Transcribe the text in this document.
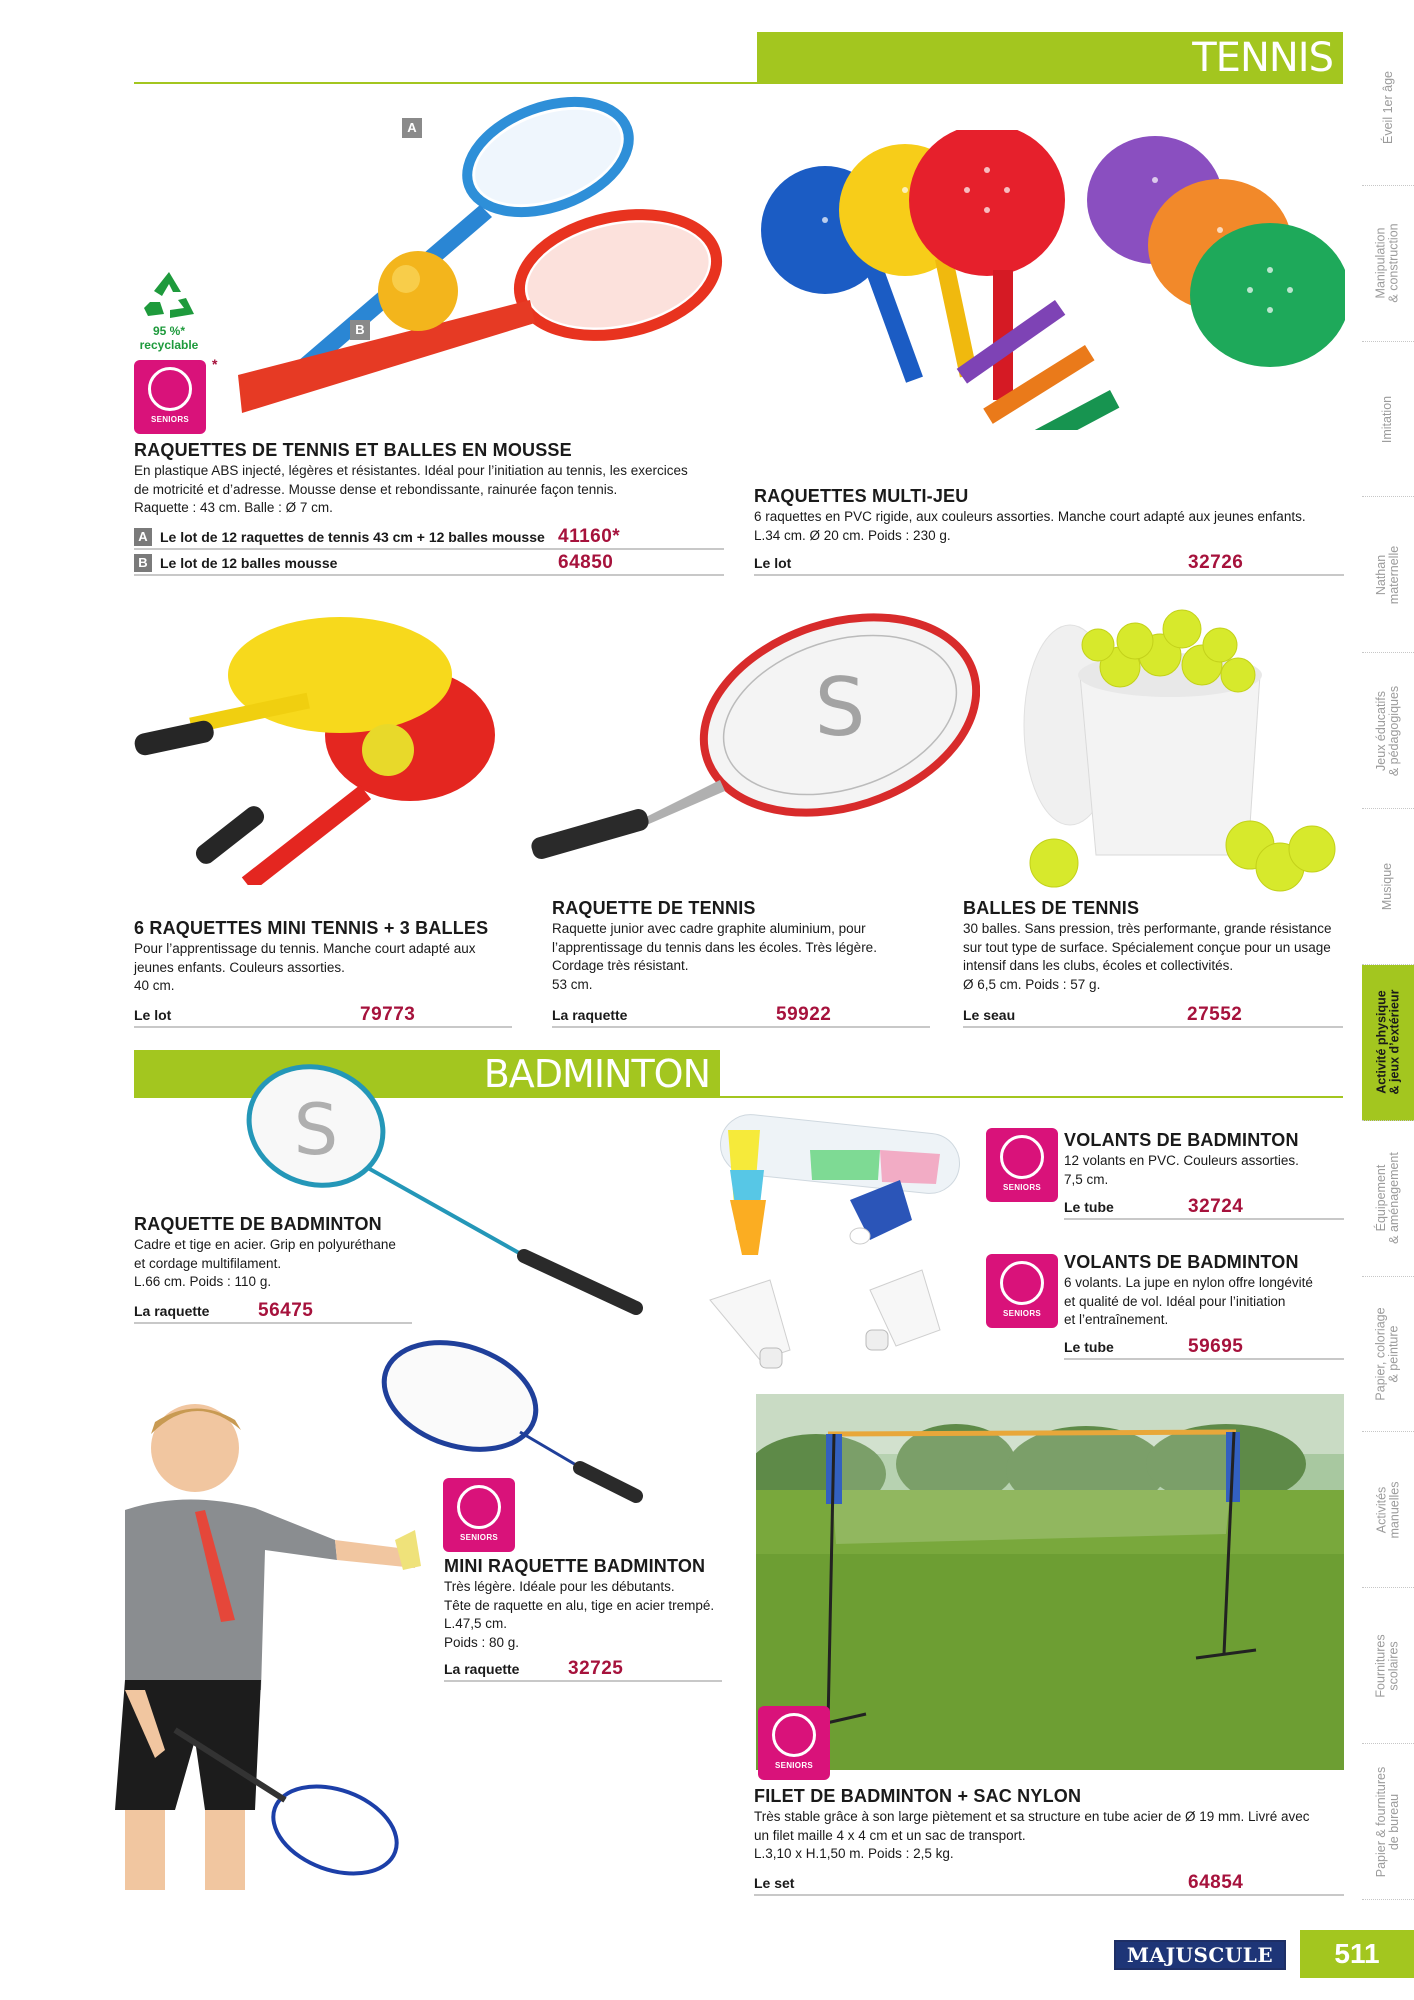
TENNIS
A
B
95 %*
recyclable
SENIORS
*
RAQUETTES DE TENNIS ET BALLES EN MOUSSE
En plastique ABS injecté, légères et résistantes. Idéal pour l’initiation au tennis, les exercices
de motricité et d’adresse. Mousse dense et rebondissante, rainurée façon tennis.
Raquette : 43 cm. Balle : Ø 7 cm.
A Le lot de 12 raquettes de tennis 43 cm + 12 balles mousse 41160*
B Le lot de 12 balles mousse	64850
RAQUETTES MULTI-JEU
6 raquettes en PVC rigide, aux couleurs assorties. Manche court adapté aux jeunes enfants.
L.34 cm. Ø 20 cm. Poids : 230 g.
Le lot	32726
6 RAQUETTES MINI TENNIS + 3 BALLES
Pour l’apprentissage du tennis. Manche court adapté aux
jeunes enfants. Couleurs assorties.
40 cm.
Le lot	79773
S
RAQUETTE DE TENNIS
Raquette junior avec cadre graphite aluminium, pour
l’apprentissage du tennis dans les écoles. Très légère.
Cordage très résistant.
53 cm.
La raquette	59922
BALLES DE TENNIS
30 balles. Sans pression, très performante, grande résistance
sur tout type de surface. Spécialement conçue pour un usage
intensif dans les clubs, écoles et collectivités.
Ø 6,5 cm. Poids : 57 g.
Le seau	27552
BADMINTON
S
RAQUETTE DE BADMINTON
Cadre et tige en acier. Grip en polyuréthane
et cordage multifilament.
L.66 cm. Poids : 110 g.
La raquette	56475
SENIORS
VOLANTS DE BADMINTON
12 volants en PVC. Couleurs assorties.
7,5 cm.
Le tube	32724
SENIORS
VOLANTS DE BADMINTON
6 volants. La jupe en nylon offre longévité
et qualité de vol. Idéal pour l’initiation
et l’entraînement.
Le tube	59695
SENIORS
MINI RAQUETTE BADMINTON
Très légère. Idéale pour les débutants.
Tête de raquette en alu, tige en acier trempé.
L.47,5 cm.
Poids : 80 g.
La raquette	32725
SENIORS
FILET DE BADMINTON + SAC NYLON
Très stable grâce à son large piètement et sa structure en tube acier de Ø 19 mm. Livré avec
un filet maille 4 x 4 cm et un sac de transport.
L.3,10 x H.1,50 m. Poids : 2,5 kg.
Le set	64854
Éveil 1er âge
Manipulation
& construction
Imitation
Nathan
maternelle
Jeux éducatifs
& pédagogiques
Musique
Activité physique
& jeux d’extérieur
Équipement
& aménagement
Papier, coloriage
& peinture
Activités
manuelles
Fournitures
scolaires
Papier & fournitures
de bureau
MAJUSCULE	511
